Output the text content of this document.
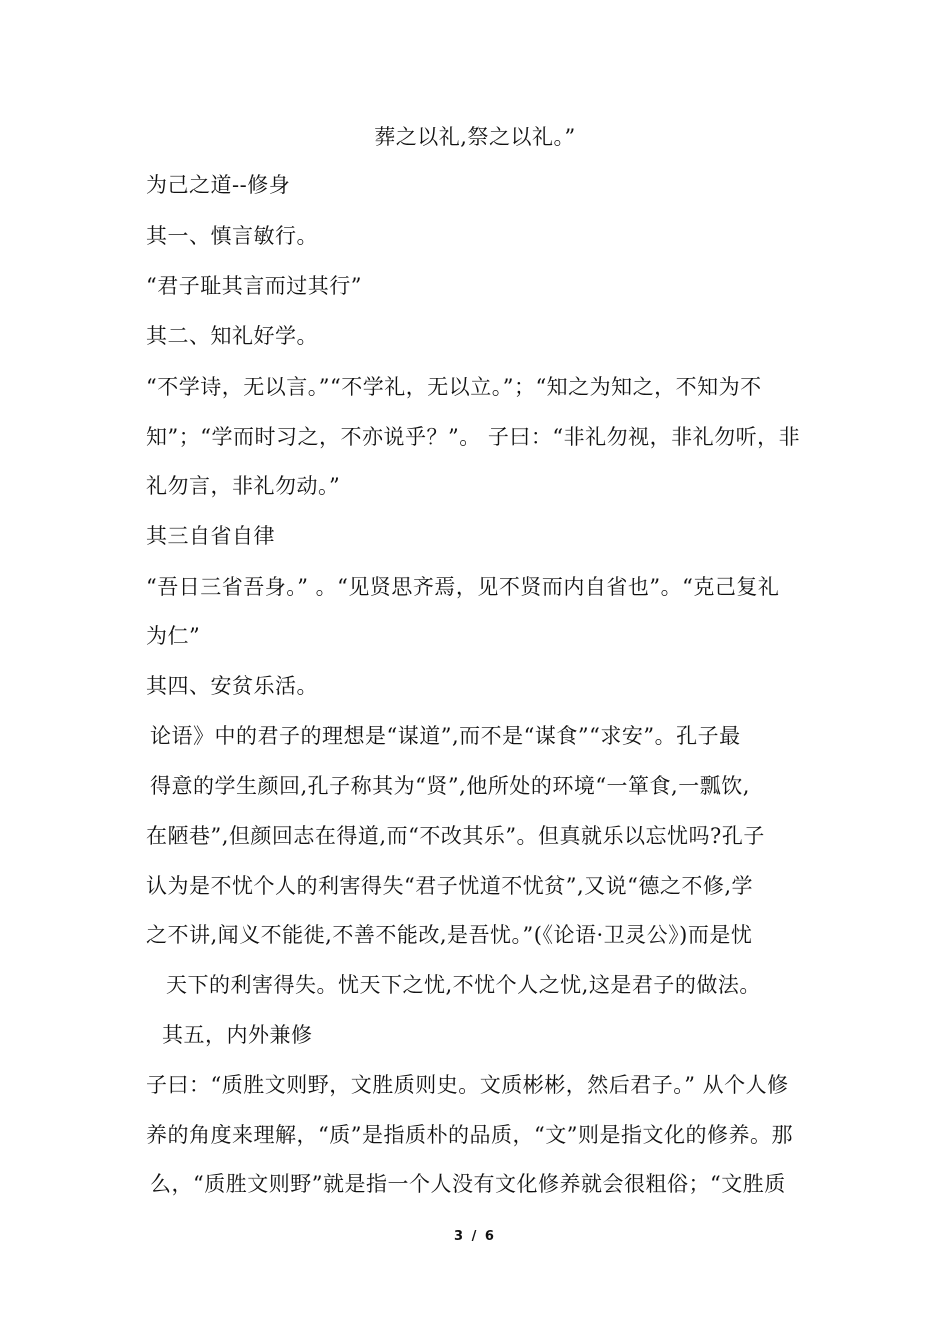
葬之以礼,祭之以礼。”
为己之道--修身
其一、慎言敏行。
“君子耻其言而过其行”
其二、知礼好学。
“不学诗，无以言。”“不学礼，无以立。”；“知之为知之，不知为不
知”；“学而时习之，不亦说乎？”。 子曰：“非礼勿视，非礼勿听，非
礼勿言，非礼勿动。”
其三自省自律
“吾日三省吾身。” 。“见贤思齐焉，见不贤而内自省也”。“克己复礼
为仁”
其四、安贫乐活。
论语》中的君子的理想是“谋道”,而不是“谋食”“求安”。孔子最
得意的学生颜回,孔子称其为“贤”,他所处的环境“一箪食,一瓢饮,
在陋巷”,但颜回志在得道,而“不改其乐”。但真就乐以忘忧吗?孔子
认为是不忧个人的利害得失“君子忧道不忧贫”,又说“德之不修,学
之不讲,闻义不能徙,不善不能改,是吾忧。”(《论语·卫灵公》)而是忧
天下的利害得失。忧天下之忧,不忧个人之忧,这是君子的做法。
其五，内外兼修
子曰：“质胜文则野，文胜质则史。文质彬彬，然后君子。” 从个人修
养的角度来理解，“质”是指质朴的品质，“文”则是指文化的修养。那
么，“质胜文则野”就是指一个人没有文化修养就会很粗俗；“文胜质
3 / 6
